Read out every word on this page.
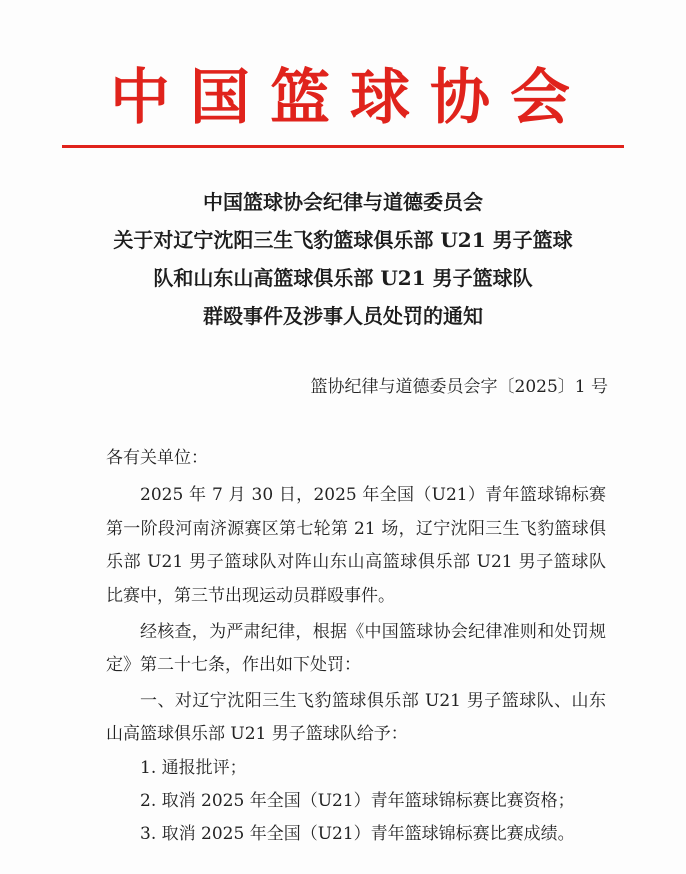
中国篮球协会
中国篮球协会纪律与道德委员会
关于对辽宁沈阳三生飞豹篮球俱乐部 U21 男子篮球
队和山东山高篮球俱乐部 U21 男子篮球队
群殴事件及涉事人员处罚的通知
篮协纪律与道德委员会字〔2025〕1 号

各有关单位：

2025 年 7 月 30 日，2025 年全国（U21）青年篮球锦标赛第一阶段河南济源赛区第七轮第 21 场，辽宁沈阳三生飞豹篮球俱乐部 U21 男子篮球队对阵山东山高篮球俱乐部 U21 男子篮球队比赛中，第三节出现运动员群殴事件。

经核查，为严肃纪律，根据《中国篮球协会纪律准则和处罚规定》第二十七条，作出如下处罚：

一、对辽宁沈阳三生飞豹篮球俱乐部 U21 男子篮球队、山东山高篮球俱乐部 U21 男子篮球队给予：

1. 通报批评；

2. 取消 2025 年全国（U21）青年篮球锦标赛比赛资格；

3. 取消 2025 年全国（U21）青年篮球锦标赛比赛成绩。
